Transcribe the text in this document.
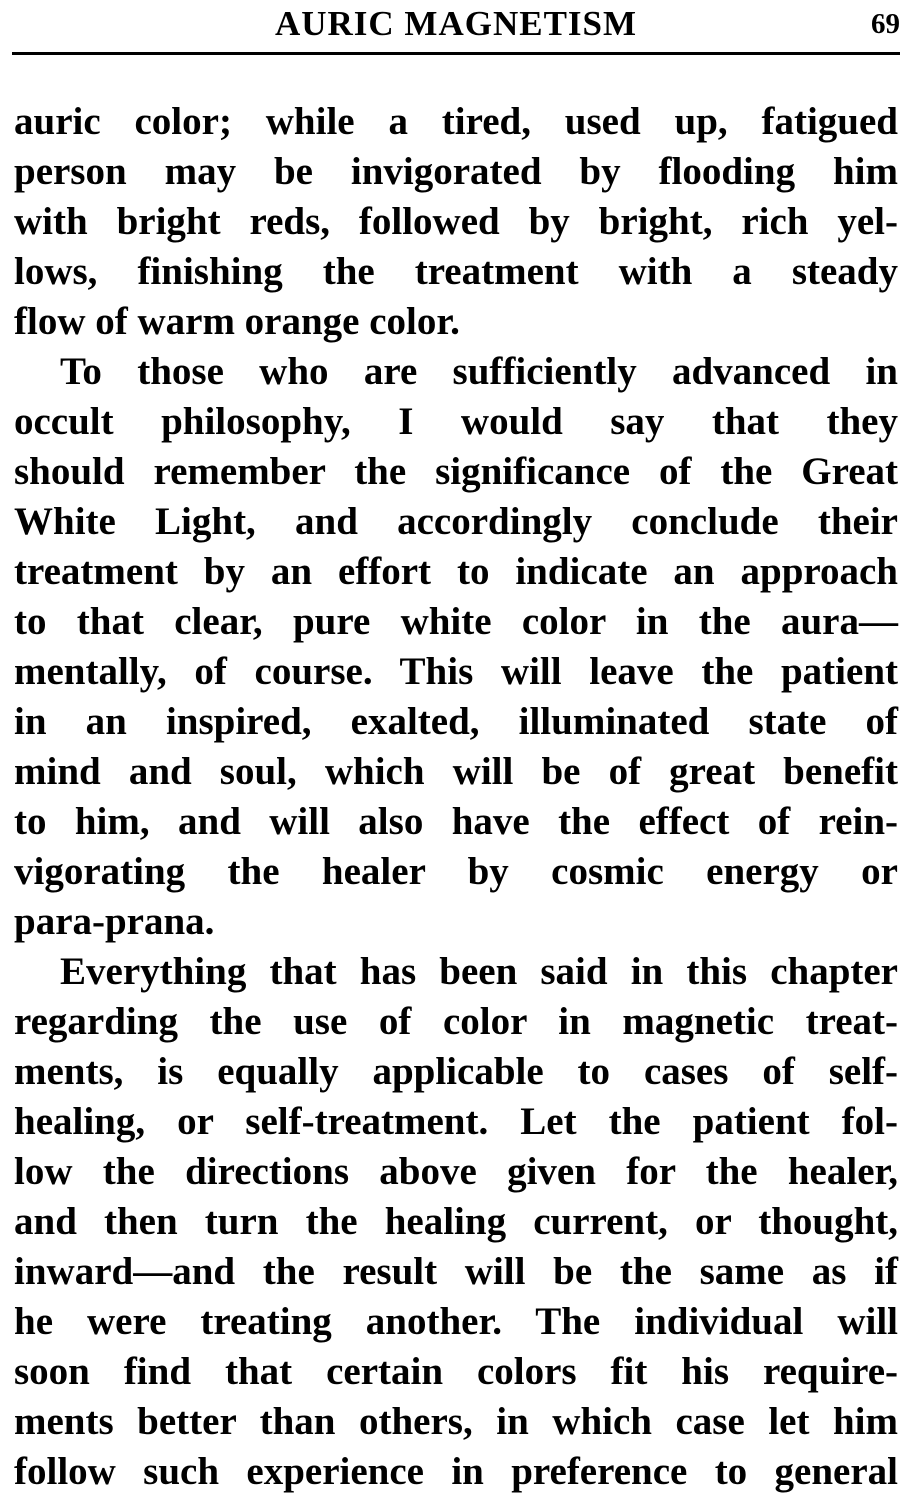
AURIC MAGNETISM	69
auric color; while a tired, used up, fatigued
person may be invigorated by flooding him
with bright reds, followed by bright, rich yel-
lows, finishing the treatment with a steady
flow of warm orange color.
To those who are sufficiently advanced in
occult philosophy, I would say that they
should remember the significance of the Great
White Light, and accordingly conclude their
treatment by an effort to indicate an approach
to that clear, pure white color in the aura—
mentally, of course. This will leave the patient
in an inspired, exalted, illuminated state of
mind and soul, which will be of great benefit
to him, and will also have the effect of rein-
vigorating the healer by cosmic energy or
para-prana.
Everything that has been said in this chapter
regarding the use of color in magnetic treat-
ments, is equally applicable to cases of self-
healing, or self-treatment. Let the patient fol-
low the directions above given for the healer,
and then turn the healing current, or thought,
inward—and the result will be the same as if
he were treating another. The individual will
soon find that certain colors fit his require-
ments better than others, in which case let him
follow such experience in preference to general
